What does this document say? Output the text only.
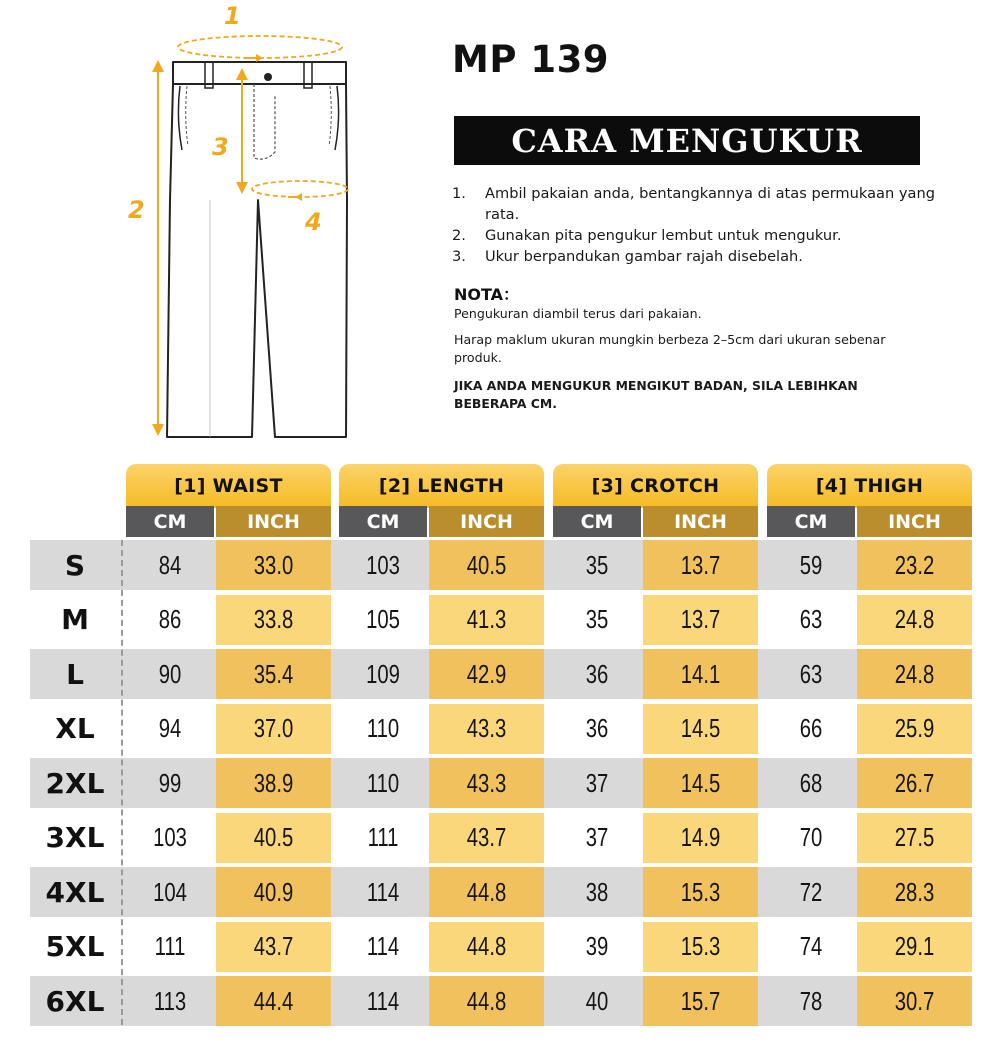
1
2
3
4
MP 139
CARA MENGUKUR
1.	Ambil pakaian anda, bentangkannya di atas permukaan yang rata.
2.	Gunakan pita pengukur lembut untuk mengukur.
3.	Ukur berpandukan gambar rajah disebelah.
NOTA：
Pengukuran diambil terus dari pakaian.
Harap maklum ukuran mungkin berbeza 2–5cm dari ukuran sebenar produk.
JIKA ANDA MENGUKUR MENGIKUT BADAN, SILA LEBIHKAN BEBERAPA CM.
[1] WAIST
CM	INCH
[2] LENGTH
CM	INCH
[3] CROTCH
CM	INCH
[4] THIGH
CM	INCH
S	84	33.0	103	40.5	35	13.7	59	23.2
M	86	33.8	105	41.3	35	13.7	63	24.8
L	90	35.4	109	42.9	36	14.1	63	24.8
XL	94	37.0	110	43.3	36	14.5	66	25.9
2XL	99	38.9	110	43.3	37	14.5	68	26.7
3XL	103	40.5	111	43.7	37	14.9	70	27.5
4XL	104	40.9	114	44.8	38	15.3	72	28.3
5XL	111	43.7	114	44.8	39	15.3	74	29.1
6XL	113	44.4	114	44.8	40	15.7	78	30.7
